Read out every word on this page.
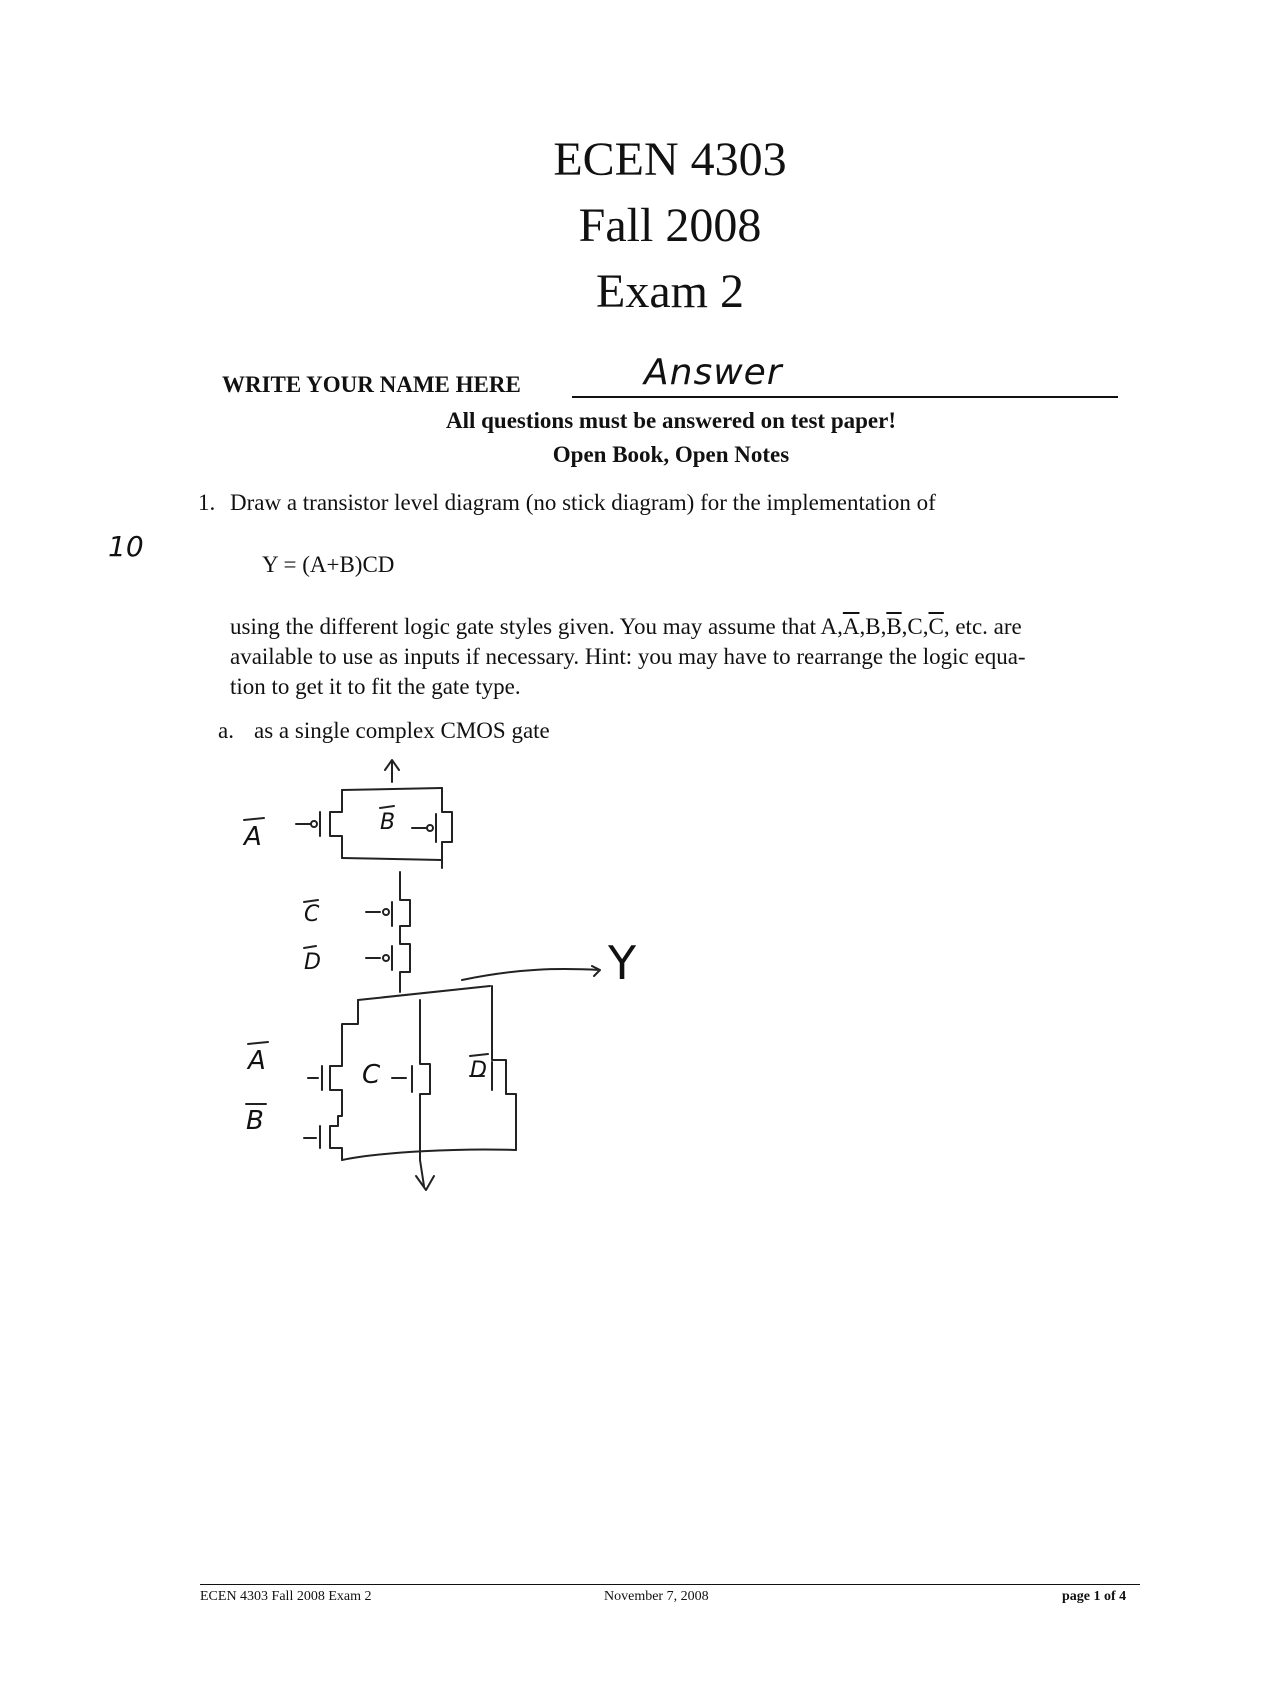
ECEN 4303
Fall 2008
Exam 2
WRITE YOUR NAME HERE	Answer
All questions must be answered on test paper!
Open Book, Open Notes
10
1. Draw a transistor level diagram (no stick diagram) for the implementation of
Y = (A+B)CD
using the different logic gate styles given. You may assume that $A,\overline{A},B,\overline{B},C,\overline{C}$, etc. are
available to use as inputs if necessary. Hint: you may have to rearrange the logic equa-
tion to get it to fit the gate type.
a. as a single complex CMOS gate
A	B
C
D
A
B
C	D
Y
ECEN 4303 Fall 2008 Exam 2	November 7, 2008	page 1 of 4
